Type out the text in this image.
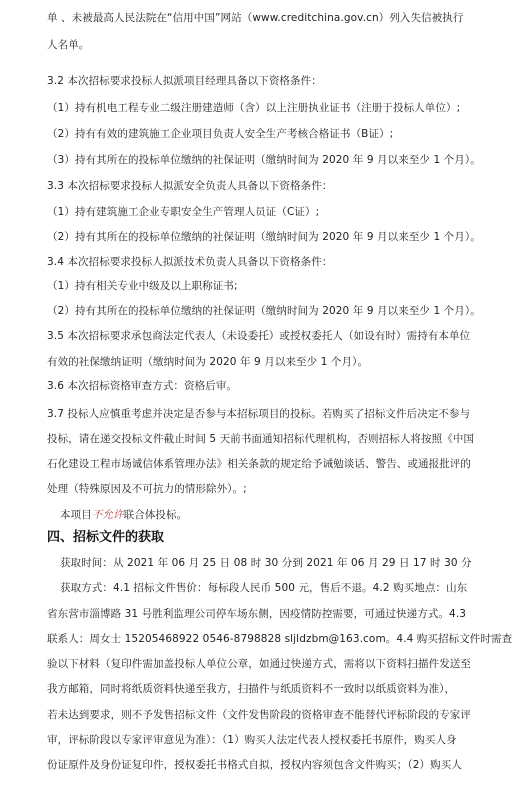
单 、未被最高人民法院在“信用中国”网站（www.creditchina.gov.cn）列入失信被执行
人名单。
3.2 本次招标要求投标人拟派项目经理具备以下资格条件：
（1）持有机电工程专业二级注册建造师（含）以上注册执业证书（注册于投标人单位）;
（2）持有有效的建筑施工企业项目负责人安全生产考核合格证书（B证）;
（3）持有其所在的投标单位缴纳的社保证明（缴纳时间为 2020 年 9 月以来至少 1 个月）。
3.3 本次招标要求投标人拟派安全负责人具备以下资格条件：
（1）持有建筑施工企业专职安全生产管理人员证（C证）;
（2）持有其所在的投标单位缴纳的社保证明（缴纳时间为 2020 年 9 月以来至少 1 个月）。
3.4 本次招标要求投标人拟派技术负责人具备以下资格条件：
（1）持有相关专业中级及以上职称证书;
（2）持有其所在的投标单位缴纳的社保证明（缴纳时间为 2020 年 9 月以来至少 1 个月）。
3.5 本次招标要求承包商法定代表人（未设委托）或授权委托人（如设有时）需持有本单位
有效的社保缴纳证明（缴纳时间为 2020 年 9 月以来至少 1 个月）。
3.6 本次招标资格审查方式：资格后审。
3.7 投标人应慎重考虑并决定是否参与本招标项目的投标。若购买了招标文件后决定不参与
投标，请在递交投标文件截止时间 5 天前书面通知招标代理机构，否则招标人将按照《中国
石化建设工程市场诚信体系管理办法》相关条款的规定给予诫勉谈话、警告、或通报批评的
处理（特殊原因及不可抗力的情形除外）。;
本项目不允许联合体投标。
四、招标文件的获取
获取时间：从 2021 年 06 月 25 日 08 时 30 分到 2021 年 06 月 29 日 17 时 30 分
获取方式：4.1 招标文件售价：每标段人民币 500 元，售后不退。4.2 购买地点：山东
省东营市淄博路 31 号胜利监理公司停车场东侧，因疫情防控需要，可通过快递方式。4.3
联系人：周女士 15205468922 0546-8798828 sljldzbm@163.com。4.4 购买招标文件时需查
验以下材料（复印件需加盖投标人单位公章，如通过快递方式，需将以下资料扫描件发送至
我方邮箱，同时将纸质资料快递至我方，扫描件与纸质资料不一致时以纸质资料为准），
若未达到要求，则不予发售招标文件（文件发售阶段的资格审查不能替代评标阶段的专家评
审，评标阶段以专家评审意见为准）：（1）购买人法定代表人授权委托书原件，购买人身
份证原件及身份证复印件，授权委托书格式自拟，授权内容须包含文件购买；（2）购买人
